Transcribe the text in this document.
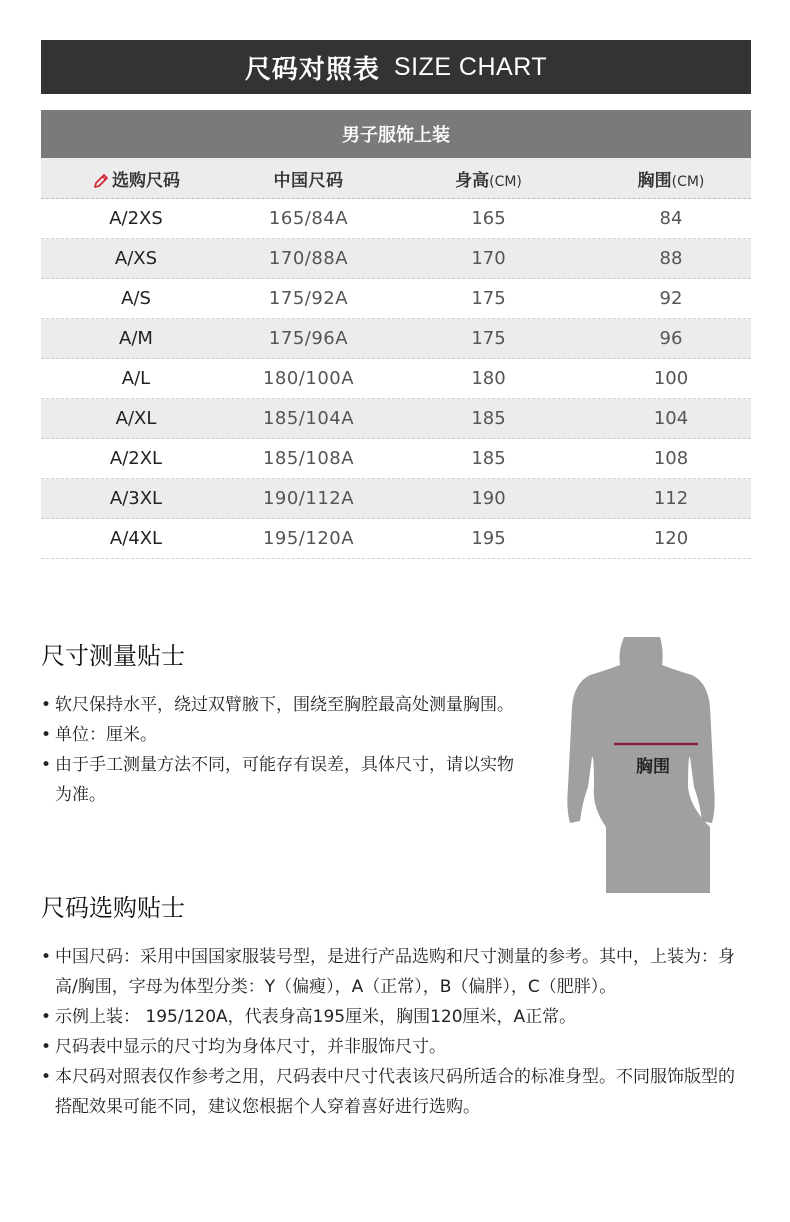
尺码对照表 SIZE CHART
男子服饰上装
选购尺码	中国尺码	身高(CM)	胸围(CM)
A/2XS	165/84A	165	84
A/XS	170/88A	170	88
A/S	175/92A	175	92
A/M	175/96A	175	96
A/L	180/100A	180	100
A/XL	185/104A	185	104
A/2XL	185/108A	185	108
A/3XL	190/112A	190	112
A/4XL	195/120A	195	120
尺寸测量贴士
• 软尺保持水平，绕过双臂腋下，围绕至胸腔最高处测量胸围。
• 单位：厘米。
• 由于手工测量方法不同，可能存有误差，具体尺寸，请以实物为准。
胸围
尺码选购贴士
• 中国尺码：采用中国国家服装号型，是进行产品选购和尺寸测量的参考。其中，上装为：身高/胸围，字母为体型分类：Y（偏瘦），A（正常），B（偏胖），C（肥胖）。
• 示例上装： 195/120A，代表身高195厘米，胸围120厘米，A正常。
• 尺码表中显示的尺寸均为身体尺寸，并非服饰尺寸。
• 本尺码对照表仅作参考之用，尺码表中尺寸代表该尺码所适合的标准身型。不同服饰版型的搭配效果可能不同，建议您根据个人穿着喜好进行选购。
